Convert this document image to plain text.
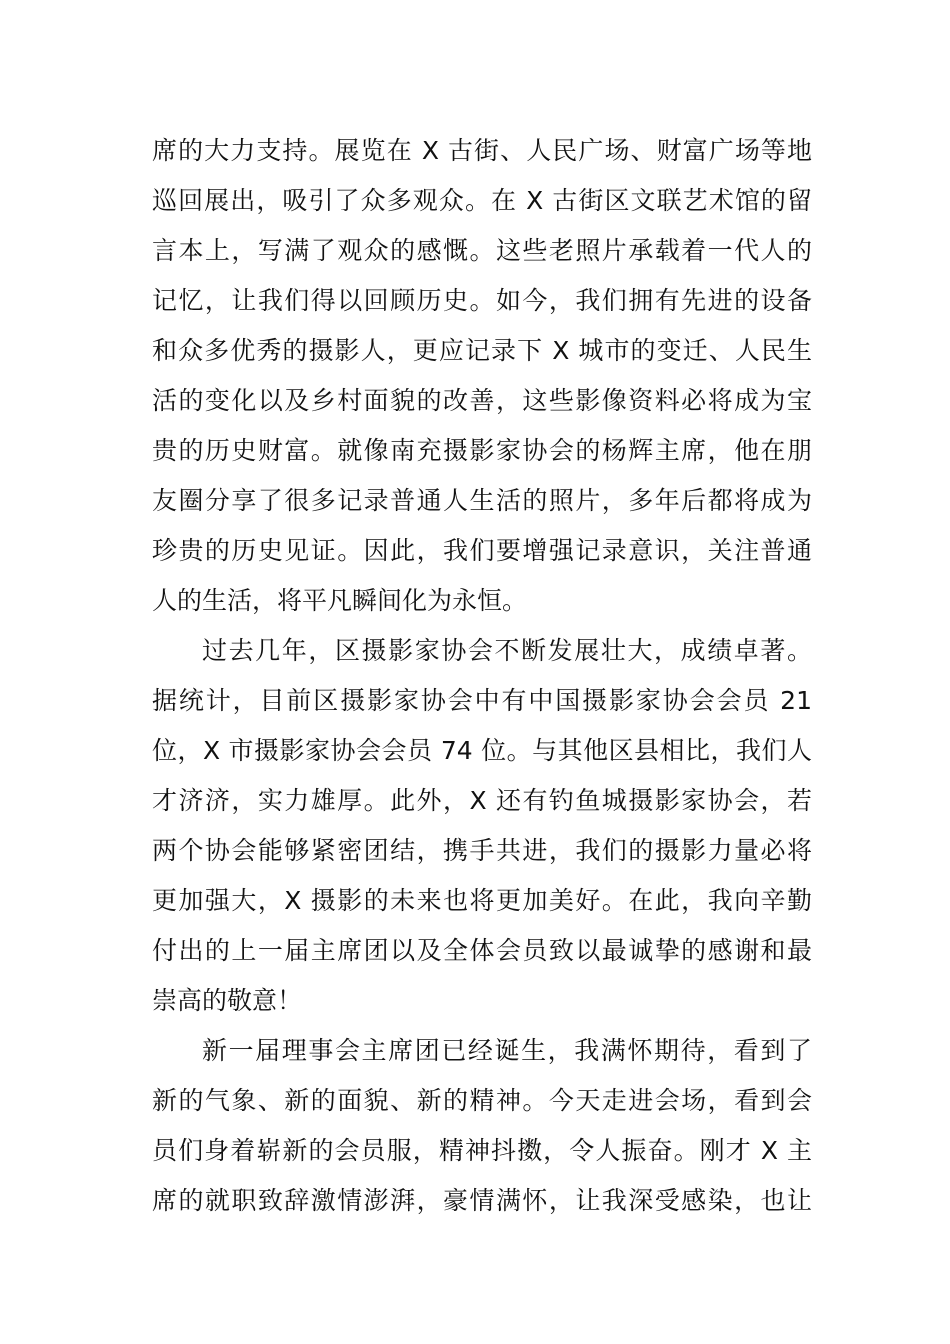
席的大力支持。展览在 X 古街、人民广场、财富广场等地
巡回展出，吸引了众多观众。在 X 古街区文联艺术馆的留
言本上，写满了观众的感慨。这些老照片承载着一代人的
记忆，让我们得以回顾历史。如今，我们拥有先进的设备
和众多优秀的摄影人，更应记录下 X 城市的变迁、人民生
活的变化以及乡村面貌的改善，这些影像资料必将成为宝
贵的历史财富。就像南充摄影家协会的杨辉主席，他在朋
友圈分享了很多记录普通人生活的照片，多年后都将成为
珍贵的历史见证。因此，我们要增强记录意识，关注普通
人的生活，将平凡瞬间化为永恒。
过去几年，区摄影家协会不断发展壮大，成绩卓著。
据统计，目前区摄影家协会中有中国摄影家协会会员 21
位，X 市摄影家协会会员 74 位。与其他区县相比，我们人
才济济，实力雄厚。此外，X 还有钓鱼城摄影家协会，若
两个协会能够紧密团结，携手共进，我们的摄影力量必将
更加强大，X 摄影的未来也将更加美好。在此，我向辛勤
付出的上一届主席团以及全体会员致以最诚挚的感谢和最
崇高的敬意！
新一届理事会主席团已经诞生，我满怀期待，看到了
新的气象、新的面貌、新的精神。今天走进会场，看到会
员们身着崭新的会员服，精神抖擞，令人振奋。刚才 X 主
席的就职致辞激情澎湃，豪情满怀，让我深受感染，也让
